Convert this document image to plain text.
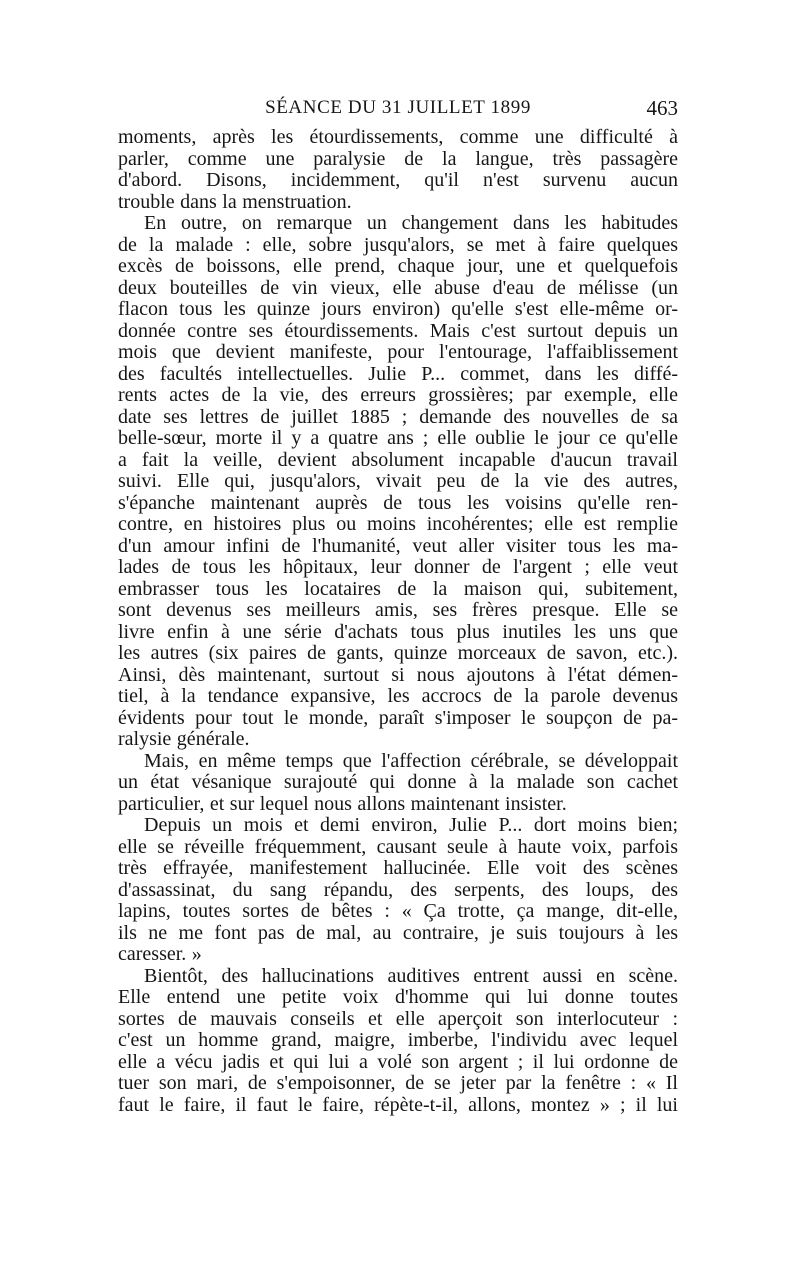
SÉANCE DU 31 JUILLET 1899	463
moments, après les étourdissements, comme une difficulté à
parler, comme une paralysie de la langue, très passagère
d'abord. Disons, incidemment, qu'il n'est survenu aucun
trouble dans la menstruation.
En outre, on remarque un changement dans les habitudes
de la malade : elle, sobre jusqu'alors, se met à faire quelques
excès de boissons, elle prend, chaque jour, une et quelquefois
deux bouteilles de vin vieux, elle abuse d'eau de mélisse (un
flacon tous les quinze jours environ) qu'elle s'est elle-même or-
donnée contre ses étourdissements. Mais c'est surtout depuis un
mois que devient manifeste, pour l'entourage, l'affaiblissement
des facultés intellectuelles. Julie P... commet, dans les diffé-
rents actes de la vie, des erreurs grossières; par exemple, elle
date ses lettres de juillet 1885 ; demande des nouvelles de sa
belle-sœur, morte il y a quatre ans ; elle oublie le jour ce qu'elle
a fait la veille, devient absolument incapable d'aucun travail
suivi. Elle qui, jusqu'alors, vivait peu de la vie des autres,
s'épanche maintenant auprès de tous les voisins qu'elle ren-
contre, en histoires plus ou moins incohérentes; elle est remplie
d'un amour infini de l'humanité, veut aller visiter tous les ma-
lades de tous les hôpitaux, leur donner de l'argent ; elle veut
embrasser tous les locataires de la maison qui, subitement,
sont devenus ses meilleurs amis, ses frères presque. Elle se
livre enfin à une série d'achats tous plus inutiles les uns que
les autres (six paires de gants, quinze morceaux de savon, etc.).
Ainsi, dès maintenant, surtout si nous ajoutons à l'état démen-
tiel, à la tendance expansive, les accrocs de la parole devenus
évidents pour tout le monde, paraît s'imposer le soupçon de pa-
ralysie générale.
Mais, en même temps que l'affection cérébrale, se développait
un état vésanique surajouté qui donne à la malade son cachet
particulier, et sur lequel nous allons maintenant insister.
Depuis un mois et demi environ, Julie P... dort moins bien;
elle se réveille fréquemment, causant seule à haute voix, parfois
très effrayée, manifestement hallucinée. Elle voit des scènes
d'assassinat, du sang répandu, des serpents, des loups, des
lapins, toutes sortes de bêtes : « Ça trotte, ça mange, dit-elle,
ils ne me font pas de mal, au contraire, je suis toujours à les
caresser. »
Bientôt, des hallucinations auditives entrent aussi en scène.
Elle entend une petite voix d'homme qui lui donne toutes
sortes de mauvais conseils et elle aperçoit son interlocuteur :
c'est un homme grand, maigre, imberbe, l'individu avec lequel
elle a vécu jadis et qui lui a volé son argent ; il lui ordonne de
tuer son mari, de s'empoisonner, de se jeter par la fenêtre : « Il
faut le faire, il faut le faire, répète-t-il, allons, montez » ; il lui
